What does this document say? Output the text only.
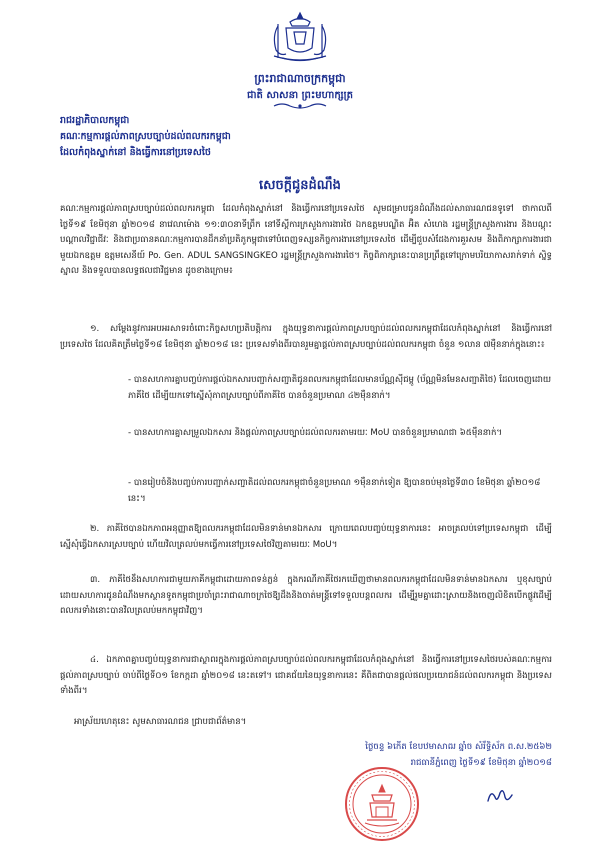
ព្រះរាជាណាចក្រកម្ពុជា
ជាតិ សាសនា ព្រះមហាក្សត្រ
រាជរដ្ឋាភិបាលកម្ពុជា
គណៈកម្មការផ្តល់ភាពស្របច្បាប់ដល់ពលករកម្ពុជា
ដែលកំពុងស្នាក់នៅ និងធ្វើការនៅប្រទេសថៃ
សេចក្តីជូនដំណឹង
គណៈកម្មការផ្តល់ភាពស្របច្បាប់ដល់ពលករកម្ពុជា ដែលកំពុងស្នាក់នៅ និងធ្វើការនៅប្រទេសថៃ សូមជម្រាបជូនដំណឹងដល់សាធារណជនទូទៅ ថាកាលពីថ្ងៃទី១៩ ខែមិថុនា ឆ្នាំ២០១៨ នាវេលាម៉ោង ១១:៣០នាទីព្រឹក នៅទីស្តីការក្រសួងការងារថៃ ឯកឧត្តមបណ្ឌិត អ៊ិត សំហេង រដ្ឋមន្ត្រីក្រសួងការងារ និងបណ្តុះបណ្តាលវិជ្ជាជីវៈ និងជាប្រធានគណៈកម្មការបានដឹកនាំប្រតិភូកម្ពុជាទៅបំពេញទស្សនកិច្ចការងារនៅប្រទេសថៃ ដើម្បីជួបសំដែងការគួរសម និងពិភាក្សាការងារជាមួយឯកឧត្តម ឧត្តមសេនីយ៍ Po. Gen. ADUL SANGSINGKEO រដ្ឋមន្ត្រីក្រសួងការងារថៃ។ កិច្ចពិភាក្សានេះបានប្រព្រឹត្តទៅក្រោមបរិយាកាសរាក់ទាក់ ស្និទ្ធស្នាល និងទទួលបានលទ្ធផលជាវិជ្ជមាន ដូចខាងក្រោម៖
១. សម្តែងនូវការអបអរសាទរចំពោះកិច្ចសហប្រតិបត្តិការ ក្នុងយុទ្ធនាការផ្តល់ភាពស្របច្បាប់ដល់ពលករកម្ពុជាដែលកំពុងស្នាក់នៅ និងធ្វើការនៅប្រទេសថៃ ដែលគិតត្រឹមថ្ងៃទី១៨ ខែមិថុនា ឆ្នាំ២០១៨ នេះ ប្រទេសទាំងពីរបានរួមគ្នាផ្តល់ភាពស្របច្បាប់ដល់ពលករកម្ពុជា ចំនួន ១លាន ៧ម៉ឺននាក់ក្នុងនោះ៖
- បានសហការគ្នាបញ្ចប់ការផ្តល់ឯកសារបញ្ជាក់សញ្ជាតិជូនពលករកម្ពុជាដែលមានប័ណ្ណស៊ីជម្ពូ (ប័ណ្ណមិនមែនសញ្ជាតិថៃ) ដែលចេញដោយភាគីថៃ ដើម្បីយកទៅស្នើសុំភាពស្របច្បាប់ពីភាគីថៃ បានចំនួនប្រមាណ ៤២ម៉ឺននាក់។
- បានសហការគ្នាសម្រួលឯកសារ និងផ្តល់ភាពស្របច្បាប់ដល់ពលករតាមរយៈ MoU បានចំនួនប្រមាណជា ៦៥ម៉ឺននាក់។
- បានរៀបចំនិងបញ្ចប់ការបញ្ជាក់សញ្ជាតិដល់ពលករកម្ពុជាចំនួនប្រមាណ ១ម៉ឺននាក់ទៀត ឱ្យបានចប់មុនថ្ងៃទី៣០ ខែមិថុនា ឆ្នាំ២០១៨ នេះ។
២. ភាគីថៃបានឯកភាពអនុញ្ញាតឱ្យពលករកម្ពុជាដែលមិនទាន់មានឯកសារ ក្រោយពេលបញ្ចប់យុទ្ធនាការនេះ អាចត្រលប់ទៅប្រទេសកម្ពុជា ដើម្បីស្នើសុំធ្វើឯកសារស្របច្បាប់ ហើយវិលត្រលប់មកធ្វើការនៅប្រទេសថៃវិញតាមរយៈ MoU។
៣. ភាគីថៃនឹងសហការជាមួយភាគីកម្ពុជាដោយភាពទន់ភ្លន់ ក្នុងករណីភាគីថៃរកឃើញថាមានពលករកម្ពុជាដែលមិនទាន់មានឯកសារ ឬខុសច្បាប់ ដោយសហការជូនដំណឹងមកស្ថានទូតកម្ពុជាប្រចាំព្រះរាជាណាចក្រថៃឱ្យដឹងនិងចាត់មន្ត្រីទៅទទួលបន្តពលករ ដើម្បីរួមគ្នាដោះស្រាយនិងចេញលិខិតបើកផ្លូវដើម្បីពលករទាំងនោះបានវិលត្រលប់មកកម្ពុជាវិញ។
៤. ឯកភាពគ្នាបញ្ចប់យុទ្ធនាការជាស្ថាពរក្នុងការផ្តល់ភាពស្របច្បាប់ដល់ពលករកម្ពុជាដែលកំពុងស្នាក់នៅ និងធ្វើការនៅប្រទេសថៃរបស់គណៈកម្មការផ្តល់ភាពស្របច្បាប់ ចាប់ពីថ្ងៃទី០១ ខែកក្កដា ឆ្នាំ២០១៨ នេះតទៅ។ ជោគជ័យនៃយុទ្ធនាការនេះ គឺពិតជាបានផ្តល់ផលប្រយោជន៍ដល់ពលករកម្ពុជា និងប្រទេសទាំងពីរ។
អាស្រ័យហេតុនេះ សូមសាធារណជន ជ្រាបជាព័ត៌មាន។
ថ្ងៃចន្ទ ៦កើត ខែបឋមាសាឍ ឆ្នាំច សំរឹទ្ធិស័ក ព.ស.២៥៦២
រាជធានីភ្នំពេញ ថ្ងៃទី១៩ ខែមិថុនា ឆ្នាំ២០១៨
